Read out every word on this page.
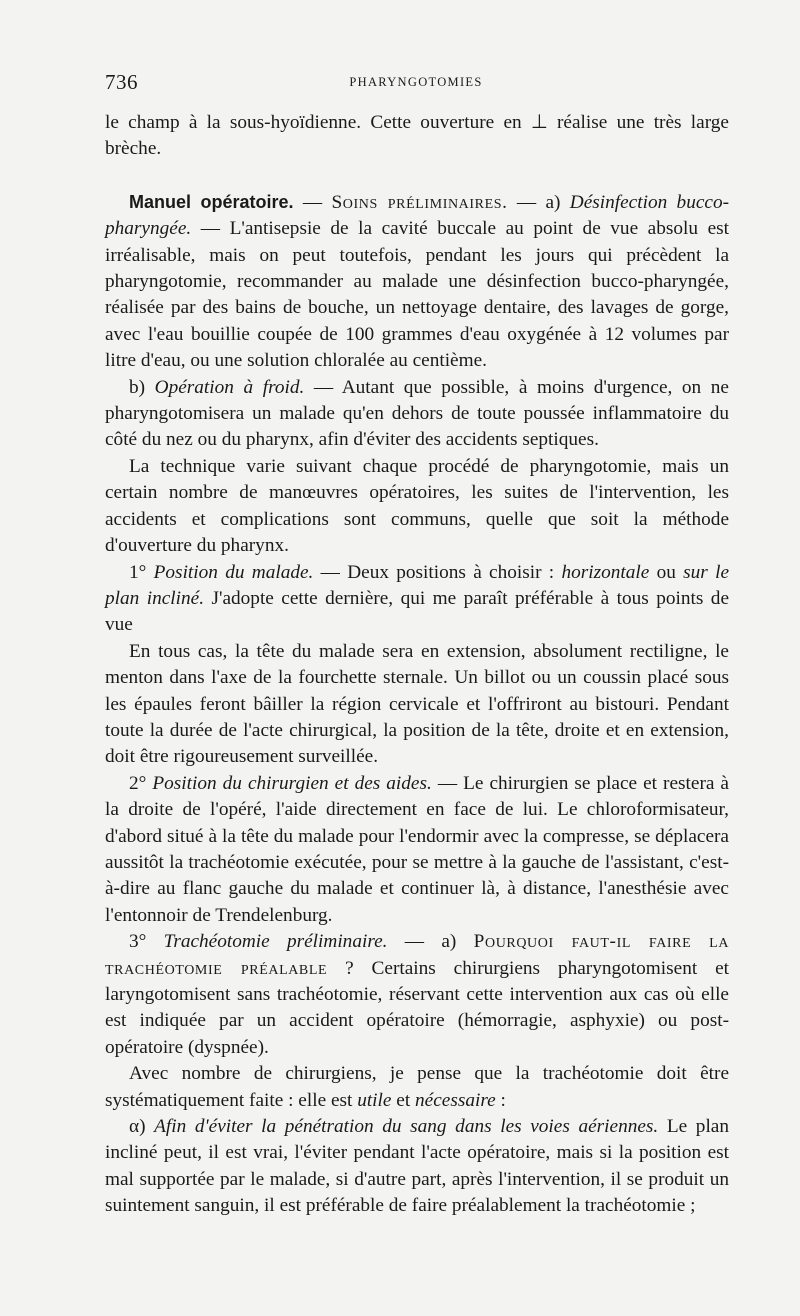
736	PHARYNGOTOMIES

le champ à la sous-hyoïdienne. Cette ouverture en ⊥ réalise une très large brèche.

Manuel opératoire. — Soins préliminaires. — a) Désinfection bucco-pharyngée. — L'antisepsie de la cavité buccale au point de vue absolu est irréalisable, mais on peut toutefois, pendant les jours qui précèdent la pharyngotomie, recommander au malade une désinfection bucco-pharyngée, réalisée par des bains de bouche, un nettoyage dentaire, des lavages de gorge, avec l'eau bouillie coupée de 100 grammes d'eau oxygénée à 12 volumes par litre d'eau, ou une solution chloralée au centième.

b) Opération à froid. — Autant que possible, à moins d'urgence, on ne pharyngotomisera un malade qu'en dehors de toute poussée inflammatoire du côté du nez ou du pharynx, afin d'éviter des accidents septiques.

La technique varie suivant chaque procédé de pharyngotomie, mais un certain nombre de manœuvres opératoires, les suites de l'intervention, les accidents et complications sont communs, quelle que soit la méthode d'ouverture du pharynx.

1° Position du malade. — Deux positions à choisir : horizontale ou sur le plan incliné. J'adopte cette dernière, qui me paraît préférable à tous points de vue

En tous cas, la tête du malade sera en extension, absolument rectiligne, le menton dans l'axe de la fourchette sternale. Un billot ou un coussin placé sous les épaules feront bâiller la région cervicale et l'offriront au bistouri. Pendant toute la durée de l'acte chirurgical, la position de la tête, droite et en extension, doit être rigoureusement surveillée.

2° Position du chirurgien et des aides. — Le chirurgien se place et restera à la droite de l'opéré, l'aide directement en face de lui. Le chloroformisateur, d'abord situé à la tête du malade pour l'endormir avec la compresse, se déplacera aussitôt la trachéotomie exécutée, pour se mettre à la gauche de l'assistant, c'est-à-dire au flanc gauche du malade et continuer là, à distance, l'anesthésie avec l'entonnoir de Trendelenburg.

3° Trachéotomie préliminaire. — a) Pourquoi faut-il faire la trachéotomie préalable ? Certains chirurgiens pharyngotomisent et laryngotomisent sans trachéotomie, réservant cette intervention aux cas où elle est indiquée par un accident opératoire (hémorragie, asphyxie) ou post-opératoire (dyspnée).

Avec nombre de chirurgiens, je pense que la trachéotomie doit être systématiquement faite : elle est utile et nécessaire :

α) Afin d'éviter la pénétration du sang dans les voies aériennes. Le plan incliné peut, il est vrai, l'éviter pendant l'acte opératoire, mais si la position est mal supportée par le malade, si d'autre part, après l'intervention, il se produit un suintement sanguin, il est préférable de faire préalablement la trachéotomie ;
